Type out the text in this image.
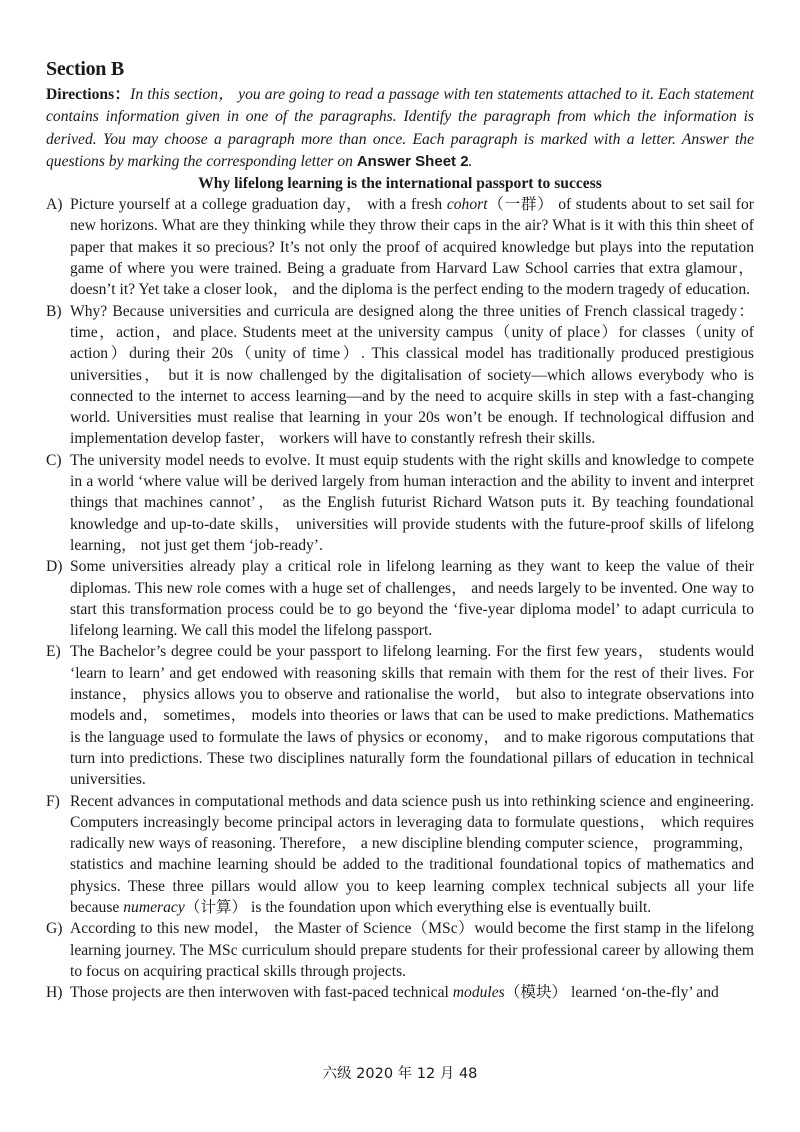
Section B

Directions：In this section， you are going to read a passage with ten statements attached to it. Each statement contains information given in one of the paragraphs. Identify the paragraph from which the information is derived. You may choose a paragraph more than once. Each paragraph is marked with a letter. Answer the questions by marking the corresponding letter on Answer Sheet 2.

Why lifelong learning is the international passport to success
A) Picture yourself at a college graduation day， with a fresh cohort（一群） of students about to set sail for new horizons. What are they thinking while they throw their caps in the air? What is it with this thin sheet of paper that makes it so precious? It’s not only the proof of acquired knowledge but plays into the reputation game of where you were trained. Being a graduate from Harvard Law School carries that extra glamour， doesn’t it? Yet take a closer look， and the diploma is the perfect ending to the modern tragedy of education.
B) Why? Because universities and curricula are designed along the three unities of French classical tragedy：time，action，and place. Students meet at the university campus（unity of place）for classes（unity of action）during their 20s（unity of time）. This classical model has traditionally produced prestigious universities， but it is now challenged by the digitalisation of society—which allows everybody who is connected to the internet to access learning—and by the need to acquire skills in step with a fast-changing world. Universities must realise that learning in your 20s won’t be enough. If technological diffusion and implementation develop faster， workers will have to constantly refresh their skills.
C) The university model needs to evolve. It must equip students with the right skills and knowledge to compete in a world ‘where value will be derived largely from human interaction and the ability to invent and interpret things that machines cannot’， as the English futurist Richard Watson puts it. By teaching foundational knowledge and up-to-date skills， universities will provide students with the future-proof skills of lifelong learning， not just get them ‘job-ready’.
D) Some universities already play a critical role in lifelong learning as they want to keep the value of their diplomas. This new role comes with a huge set of challenges， and needs largely to be invented. One way to start this transformation process could be to go beyond the ‘five-year diploma model’ to adapt curricula to lifelong learning. We call this model the lifelong passport.
E) The Bachelor’s degree could be your passport to lifelong learning. For the first few years， students would ‘learn to learn’ and get endowed with reasoning skills that remain with them for the rest of their lives. For instance， physics allows you to observe and rationalise the world， but also to integrate observations into models and， sometimes， models into theories or laws that can be used to make predictions. Mathematics is the language used to formulate the laws of physics or economy， and to make rigorous computations that turn into predictions. These two disciplines naturally form the foundational pillars of education in technical universities.
F) Recent advances in computational methods and data science push us into rethinking science and engineering. Computers increasingly become principal actors in leveraging data to formulate questions， which requires radically new ways of reasoning. Therefore， a new discipline blending computer science， programming， statistics and machine learning should be added to the traditional foundational topics of mathematics and physics. These three pillars would allow you to keep learning complex technical subjects all your life because numeracy（计算） is the foundation upon which everything else is eventually built.
G) According to this new model， the Master of Science（MSc）would become the first stamp in the lifelong learning journey. The MSc curriculum should prepare students for their professional career by allowing them to focus on acquiring practical skills through projects.
H) Those projects are then interwoven with fast-paced technical modules（模块） learned ‘on-the-fly’ and
六级 2020 年 12 月 48
